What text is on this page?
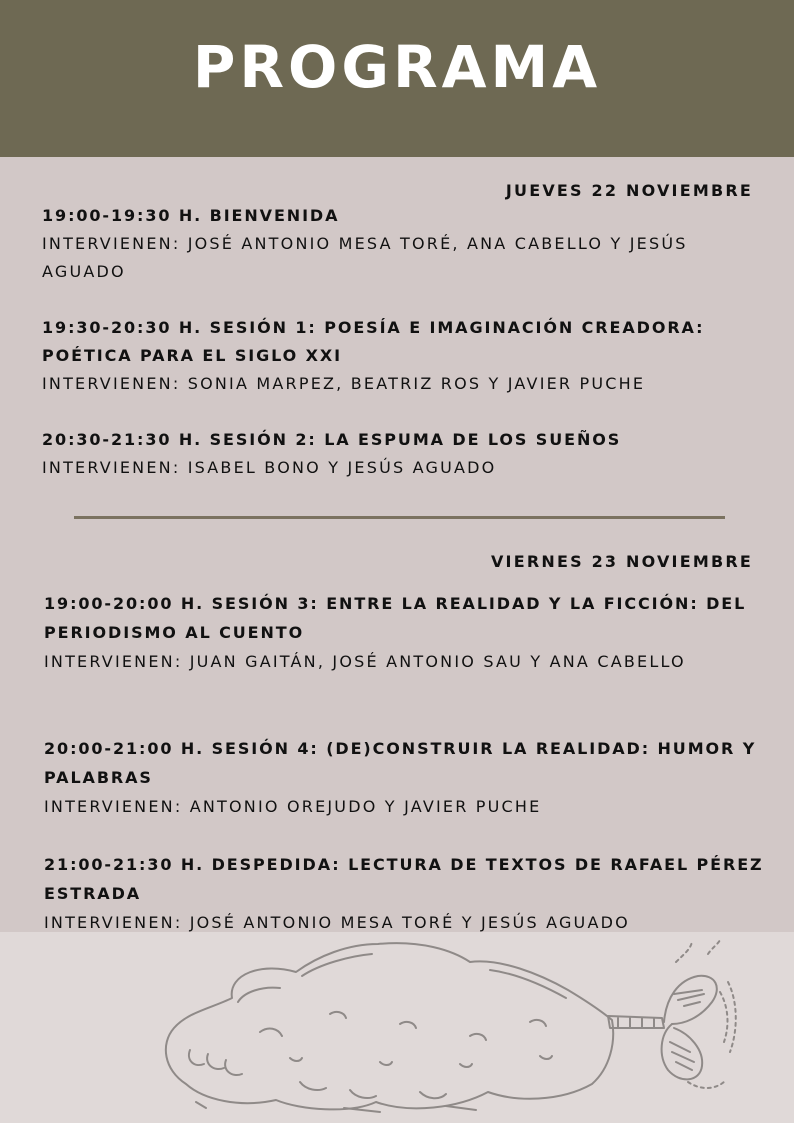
PROGRAMA
JUEVES 22 NOVIEMBRE
19:00-19:30 H. BIENVENIDA
INTERVIENEN: JOSÉ ANTONIO MESA TORÉ, ANA CABELLO Y JESÚS AGUADO
19:30-20:30 H. SESIÓN 1: POESÍA E IMAGINACIÓN CREADORA: POÉTICA PARA EL SIGLO XXI
INTERVIENEN: SONIA MARPEZ, BEATRIZ ROS Y JAVIER PUCHE
20:30-21:30 H. SESIÓN 2: LA ESPUMA DE LOS SUEÑOS
INTERVIENEN: ISABEL BONO Y JESÚS AGUADO
VIERNES 23 NOVIEMBRE
19:00-20:00 H. SESIÓN 3: ENTRE LA REALIDAD Y LA FICCIÓN: DEL PERIODISMO AL CUENTO
INTERVIENEN: JUAN GAITÁN, JOSÉ ANTONIO SAU Y ANA CABELLO
20:00-21:00 H. SESIÓN 4: (DE)CONSTRUIR LA REALIDAD: HUMOR Y PALABRAS
INTERVIENEN: ANTONIO OREJUDO Y JAVIER PUCHE
21:00-21:30 H. DESPEDIDA: LECTURA DE TEXTOS DE RAFAEL PÉREZ ESTRADA
INTERVIENEN: JOSÉ ANTONIO MESA TORÉ Y JESÚS AGUADO
